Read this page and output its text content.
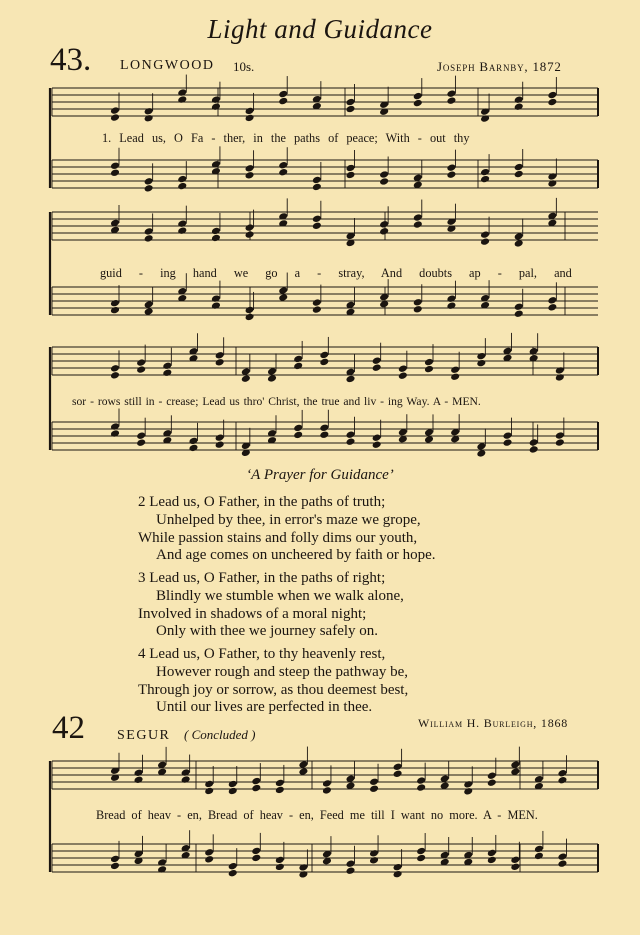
Light and Guidance
43. LONGWOOD 10s.	Joseph Barnby, 1872
1. Lead us, O Fa - ther, in the paths of peace; With - out thy
guid - ing hand we go a - stray, And doubts ap - pal, and
sor - rows still in - crease; Lead us thro' Christ, the true and liv - ing Way. A - MEN.
‘A Prayer for Guidance’
2 Lead us, O Father, in the paths of truth;
Unhelped by thee, in error's maze we grope,
While passion stains and folly dims our youth,
And age comes on uncheered by faith or hope.
3 Lead us, O Father, in the paths of right;
Blindly we stumble when we walk alone,
Involved in shadows of a moral night;
Only with thee we journey safely on.
4 Lead us, O Father, to thy heavenly rest,
However rough and steep the pathway be,
Through joy or sorrow, as thou deemest best,
Until our lives are perfected in thee.
William H. Burleigh, 1868
42 SEGUR ( Concluded )
Bread of heav - en, Bread of heav - en, Feed me till I want no more. A - MEN.
